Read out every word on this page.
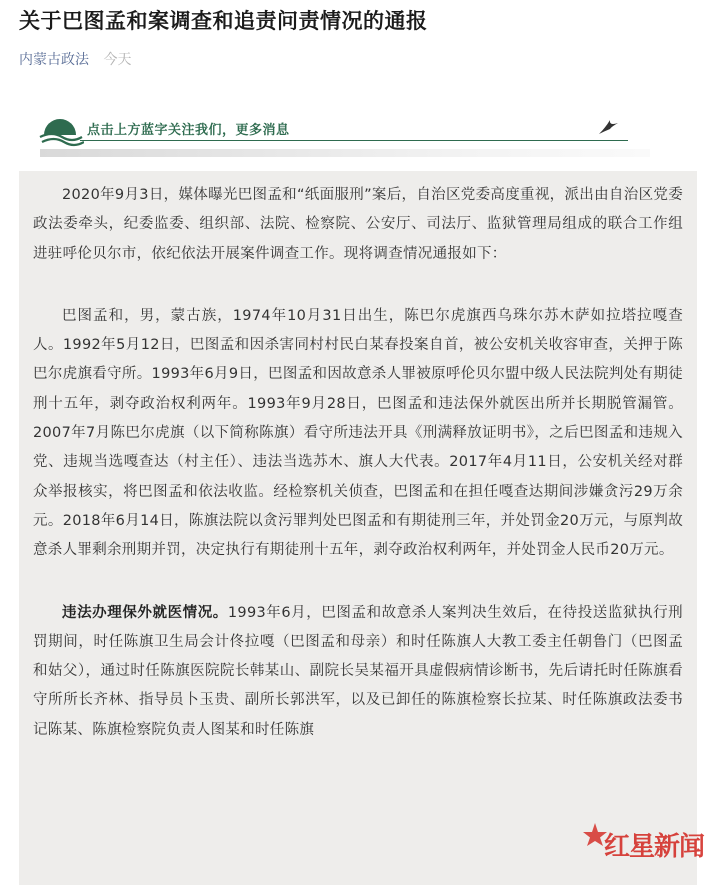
关于巴图孟和案调查和追责问责情况的通报
内蒙古政法 今天
点击上方蓝字关注我们，更多消息

2020年9月3日，媒体曝光巴图孟和“纸面服刑”案后，自治区党委高度重视，派出由自治区党委政法委牵头，纪委监委、组织部、法院、检察院、公安厅、司法厅、监狱管理局组成的联合工作组进驻呼伦贝尔市，依纪依法开展案件调查工作。现将调查情况通报如下：

巴图孟和，男，蒙古族，1974年10月31日出生，陈巴尔虎旗西乌珠尔苏木萨如拉塔拉嘎查人。1992年5月12日，巴图孟和因杀害同村村民白某春投案自首，被公安机关收容审查，关押于陈巴尔虎旗看守所。1993年6月9日，巴图孟和因故意杀人罪被原呼伦贝尔盟中级人民法院判处有期徒刑十五年，剥夺政治权利两年。1993年9月28日，巴图孟和违法保外就医出所并长期脱管漏管。2007年7月陈巴尔虎旗（以下简称陈旗）看守所违法开具《刑满释放证明书》，之后巴图孟和违规入党、违规当选嘎查达（村主任）、违法当选苏木、旗人大代表。2017年4月11日，公安机关经对群众举报核实，将巴图孟和依法收监。经检察机关侦查，巴图孟和在担任嘎查达期间涉嫌贪污29万余元。2018年6月14日，陈旗法院以贪污罪判处巴图孟和有期徒刑三年，并处罚金20万元，与原判故意杀人罪剩余刑期并罚，决定执行有期徒刑十五年，剥夺政治权利两年，并处罚金人民币20万元。

违法办理保外就医情况。1993年6月，巴图孟和故意杀人案判决生效后，在待投送监狱执行刑罚期间，时任陈旗卫生局会计佟拉嘎（巴图孟和母亲）和时任陈旗人大教工委主任朝鲁门（巴图孟和姑父），通过时任陈旗医院院长韩某山、副院长吴某福开具虚假病情诊断书，先后请托时任陈旗看守所所长齐林、指导员卜玉贵、副所长郭洪军，以及已卸任的陈旗检察长拉某、时任陈旗政法委书记陈某、陈旗检察院负责人图某和时任陈旗

红星新闻
